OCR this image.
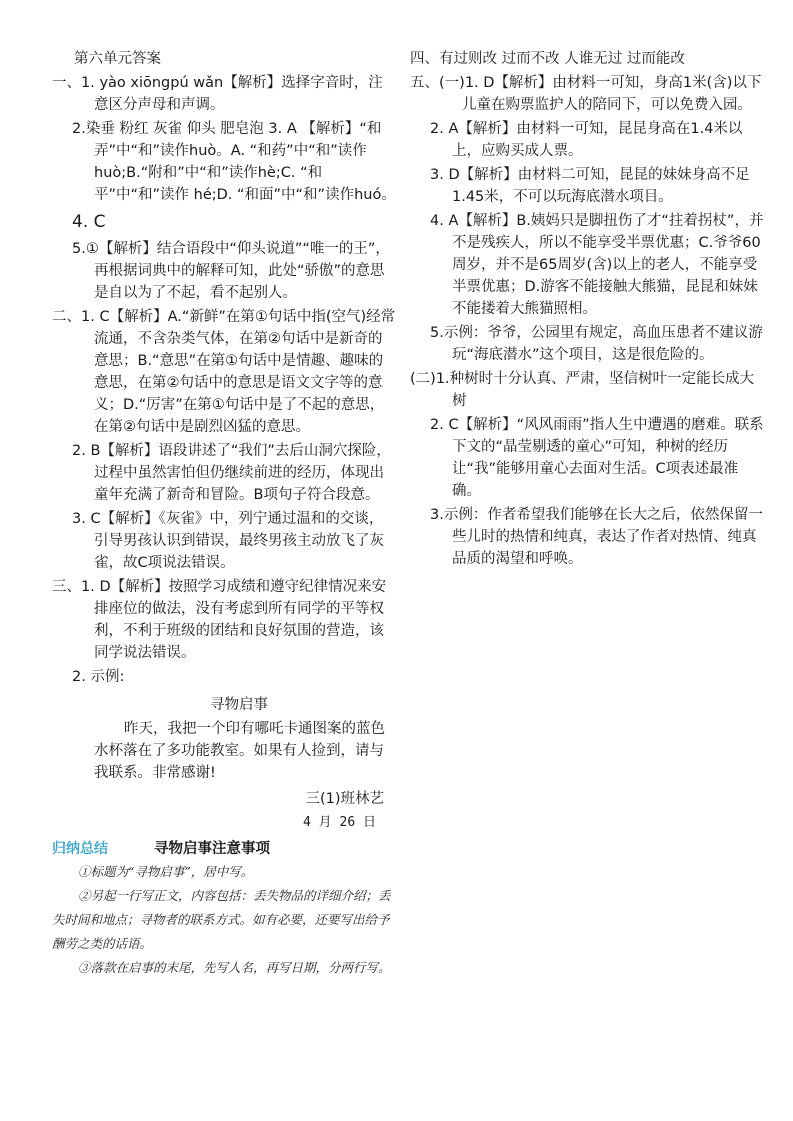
第六单元答案

一、1. yào xiōngpú wǎn【解析】选择字音时，注意区分声母和声调。

2.染垂 粉红 灰雀 仰头 肥皂泡 3. A 【解析】“和弄”中“和”读作huò。A. “和药”中“和”读作 huò;B.“附和”中“和”读作hè;C. “和平”中“和”读作 hé;D. “和面”中“和”读作huó。

4. C

5.①【解析】结合语段中“仰头说道”“唯一的王”，再根据词典中的解释可知，此处“骄傲”的意思是自以为了不起，看不起别人。

二、1. C【解析】A.“新鲜”在第①句话中指(空气)经常流通，不含杂类气体，在第②句话中是新奇的意思；B.“意思”在第①句话中是情趣、趣味的意思，在第②句话中的意思是语文文字等的意义；D.“厉害”在第①句话中是了不起的意思，在第②句话中是剧烈凶猛的意思。

2. B【解析】语段讲述了“我们”去后山洞穴探险，过程中虽然害怕但仍继续前进的经历，体现出童年充满了新奇和冒险。B项句子符合段意。

3. C【解析】《灰雀》中，列宁通过温和的交谈，引导男孩认识到错误，最终男孩主动放飞了灰雀，故C项说法错误。

三、1. D【解析】按照学习成绩和遵守纪律情况来安排座位的做法，没有考虑到所有同学的平等权利，不利于班级的团结和良好氛围的营造，该同学说法错误。

2. 示例:

寻物启事

昨天，我把一个印有哪吒卡通图案的蓝色水杯落在了多功能教室。如果有人捡到，请与我联系。非常感谢!

三(1)班林艺

4 月 26 日

归纳总结	寻物启事注意事项

①标题为“寻物启事”，居中写。

②另起一行写正文，内容包括：丢失物品的详细介绍；丢失时间和地点；寻物者的联系方式。如有必要，还要写出给予酬劳之类的话语。

③落款在启事的末尾，先写人名，再写日期，分两行写。

四、有过则改 过而不改 人谁无过 过而能改

五、(一)1. D【解析】由材料一可知，身高1米(含)以下儿童在购票监护人的陪同下，可以免费入园。

2. A【解析】由材料一可知，昆昆身高在1.4米以上，应购买成人票。

3. D【解析】由材料二可知，昆昆的妹妹身高不足1.45米，不可以玩海底潜水项目。

4. A【解析】B.姨妈只是脚扭伤了才“拄着拐杖”，并不是残疾人，所以不能享受半票优惠；C.爷爷60周岁，并不是65周岁(含)以上的老人，不能享受半票优惠；D.游客不能接触大熊猫，昆昆和妹妹不能搂着大熊猫照相。

5.示例：爷爷，公园里有规定，高血压患者不建议游玩“海底潜水”这个项目，这是很危险的。

(二)1.种树时十分认真、严肃，坚信树叶一定能长成大树

2. C【解析】“风风雨雨”指人生中遭遇的磨难。联系下文的“晶莹剔透的童心”可知，种树的经历让“我”能够用童心去面对生活。C项表述最准确。

3.示例：作者希望我们能够在长大之后，依然保留一些儿时的热情和纯真，表达了作者对热情、纯真品质的渴望和呼唤。
